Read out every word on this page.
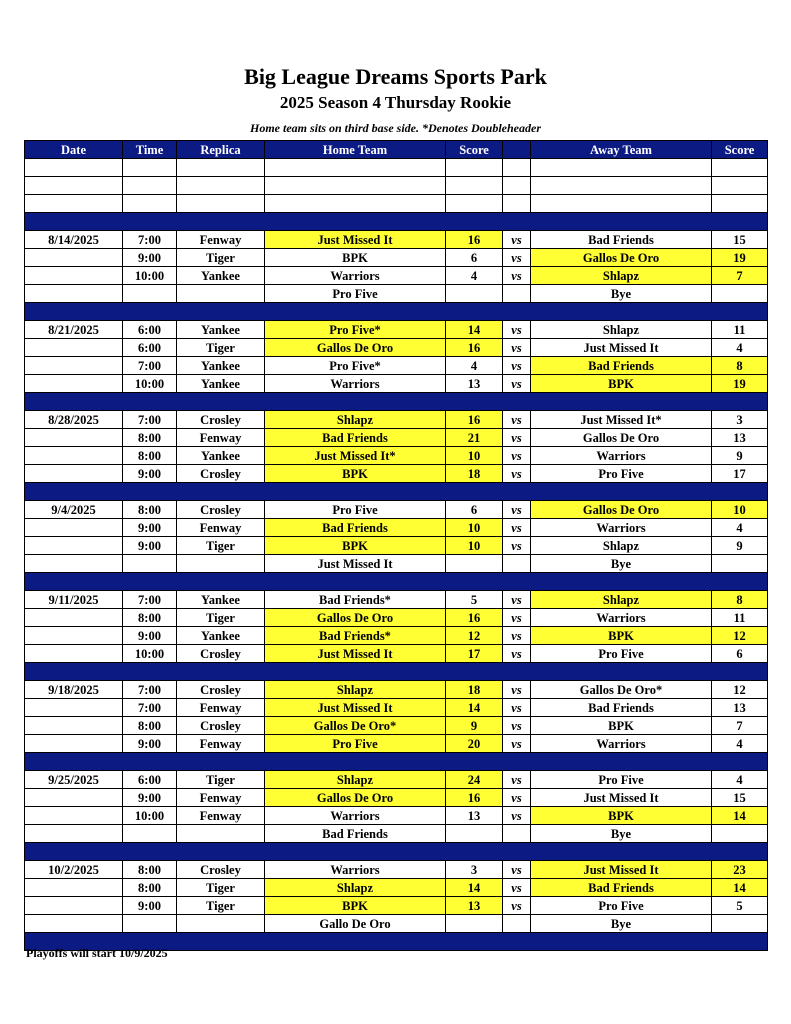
Big League Dreams Sports Park
2025 Season 4 Thursday Rookie
Home team sits on third base side. *Denotes Doubleheader
Date	Time	Replica	Home Team	Score		Away Team	Score

8/14/2025	7:00	Fenway	Just Missed It	16	vs	Bad Friends	15
	9:00	Tiger	BPK	6	vs	Gallos De Oro	19
	10:00	Yankee	Warriors	4	vs	Shlapz	7
			Pro Five			Bye	

8/21/2025	6:00	Yankee	Pro Five*	14	vs	Shlapz	11
	6:00	Tiger	Gallos De Oro	16	vs	Just Missed It	4
	7:00	Yankee	Pro Five*	4	vs	Bad Friends	8
	10:00	Yankee	Warriors	13	vs	BPK	19

8/28/2025	7:00	Crosley	Shlapz	16	vs	Just Missed It*	3
	8:00	Fenway	Bad Friends	21	vs	Gallos De Oro	13
	8:00	Yankee	Just Missed It*	10	vs	Warriors	9
	9:00	Crosley	BPK	18	vs	Pro Five	17

9/4/2025	8:00	Crosley	Pro Five	6	vs	Gallos De Oro	10
	9:00	Fenway	Bad Friends	10	vs	Warriors	4
	9:00	Tiger	BPK	10	vs	Shlapz	9
			Just Missed It			Bye	

9/11/2025	7:00	Yankee	Bad Friends*	5	vs	Shlapz	8
	8:00	Tiger	Gallos De Oro	16	vs	Warriors	11
	9:00	Yankee	Bad Friends*	12	vs	BPK	12
	10:00	Crosley	Just Missed It	17	vs	Pro Five	6

9/18/2025	7:00	Crosley	Shlapz	18	vs	Gallos De Oro*	12
	7:00	Fenway	Just Missed It	14	vs	Bad Friends	13
	8:00	Crosley	Gallos De Oro*	9	vs	BPK	7
	9:00	Fenway	Pro Five	20	vs	Warriors	4

9/25/2025	6:00	Tiger	Shlapz	24	vs	Pro Five	4
	9:00	Fenway	Gallos De Oro	16	vs	Just Missed It	15
	10:00	Fenway	Warriors	13	vs	BPK	14
			Bad Friends			Bye	

10/2/2025	8:00	Crosley	Warriors	3	vs	Just Missed It	23
	8:00	Tiger	Shlapz	14	vs	Bad Friends	14
	9:00	Tiger	BPK	13	vs	Pro Five	5
			Gallo De Oro			Bye	

Playoffs will start 10/9/2025
